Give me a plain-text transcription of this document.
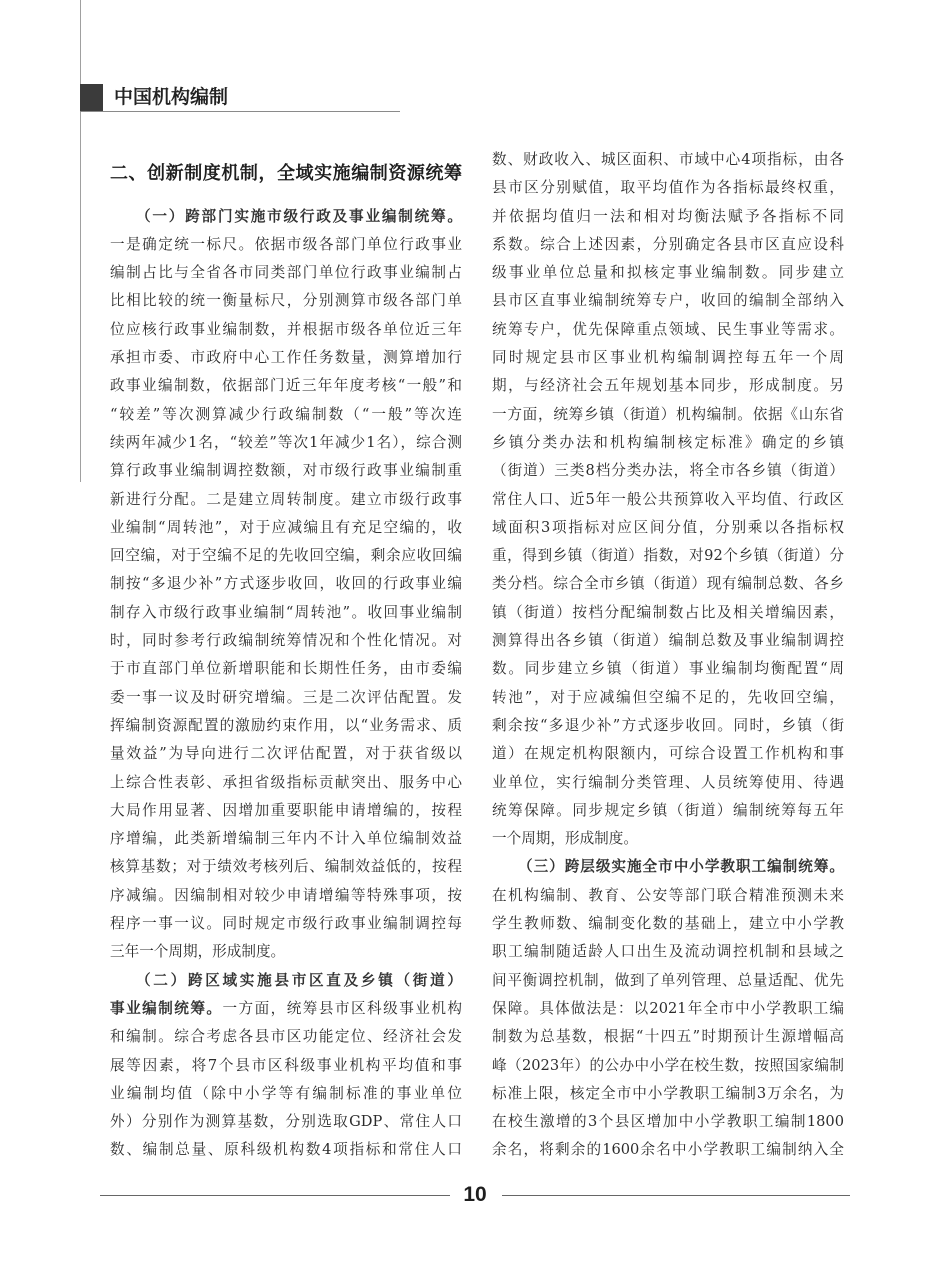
中国机构编制
二、创新制度机制，全域实施编制资源统筹
（一）跨部门实施市级行政及事业编制统筹。
一是确定统一标尺。依据市级各部门单位行政事业
编制占比与全省各市同类部门单位行政事业编制占
比相比较的统一衡量标尺，分别测算市级各部门单
位应核行政事业编制数，并根据市级各单位近三年
承担市委、市政府中心工作任务数量，测算增加行
政事业编制数，依据部门近三年年度考核“一般”和
“较差”等次测算减少行政编制数（“一般”等次连
续两年减少1名，“较差”等次1年减少1名），综合测
算行政事业编制调控数额，对市级行政事业编制重
新进行分配。二是建立周转制度。建立市级行政事
业编制“周转池”，对于应减编且有充足空编的，收
回空编，对于空编不足的先收回空编，剩余应收回编
制按“多退少补”方式逐步收回，收回的行政事业编
制存入市级行政事业编制“周转池”。收回事业编制
时，同时参考行政编制统筹情况和个性化情况。对
于市直部门单位新增职能和长期性任务，由市委编
委一事一议及时研究增编。三是二次评估配置。发
挥编制资源配置的激励约束作用，以“业务需求、质
量效益”为导向进行二次评估配置，对于获省级以
上综合性表彰、承担省级指标贡献突出、服务中心
大局作用显著、因增加重要职能申请增编的，按程
序增编，此类新增编制三年内不计入单位编制效益
核算基数；对于绩效考核列后、编制效益低的，按程
序减编。因编制相对较少申请增编等特殊事项，按
程序一事一议。同时规定市级行政事业编制调控每
三年一个周期，形成制度。
（二）跨区域实施县市区直及乡镇（街道）
事业编制统筹。一方面，统筹县市区科级事业机构
和编制。综合考虑各县市区功能定位、经济社会发
展等因素，将7个县市区科级事业机构平均值和事
业编制均值（除中小学等有编制标准的事业单位
外）分别作为测算基数，分别选取GDP、常住人口
数、编制总量、原科级机构数4项指标和常住人口
数、财政收入、城区面积、市域中心4项指标，由各
县市区分别赋值，取平均值作为各指标最终权重，
并依据均值归一法和相对均衡法赋予各指标不同
系数。综合上述因素，分别确定各县市区直应设科
级事业单位总量和拟核定事业编制数。同步建立
县市区直事业编制统筹专户，收回的编制全部纳入
统筹专户，优先保障重点领域、民生事业等需求。
同时规定县市区事业机构编制调控每五年一个周
期，与经济社会五年规划基本同步，形成制度。另
一方面，统筹乡镇（街道）机构编制。依据《山东省
乡镇分类办法和机构编制核定标准》确定的乡镇
（街道）三类8档分类办法，将全市各乡镇（街道）
常住人口、近5年一般公共预算收入平均值、行政区
域面积3项指标对应区间分值，分别乘以各指标权
重，得到乡镇（街道）指数，对92个乡镇（街道）分
类分档。综合全市乡镇（街道）现有编制总数、各乡
镇（街道）按档分配编制数占比及相关增编因素，
测算得出各乡镇（街道）编制总数及事业编制调控
数。同步建立乡镇（街道）事业编制均衡配置“周
转池”，对于应减编但空编不足的，先收回空编，
剩余按“多退少补”方式逐步收回。同时，乡镇（街
道）在规定机构限额内，可综合设置工作机构和事
业单位，实行编制分类管理、人员统筹使用、待遇
统筹保障。同步规定乡镇（街道）编制统筹每五年
一个周期，形成制度。
（三）跨层级实施全市中小学教职工编制统筹。
在机构编制、教育、公安等部门联合精准预测未来
学生教师数、编制变化数的基础上，建立中小学教
职工编制随适龄人口出生及流动调控机制和县域之
间平衡调控机制，做到了单列管理、总量适配、优先
保障。具体做法是：以2021年全市中小学教职工编
制数为总基数，根据“十四五”时期预计生源增幅高
峰（2023年）的公办中小学在校生数，按照国家编制
标准上限，核定全市中小学教职工编制3万余名，为
在校生激增的3个县区增加中小学教职工编制1800
余名，将剩余的1600余名中小学教职工编制纳入全
10
